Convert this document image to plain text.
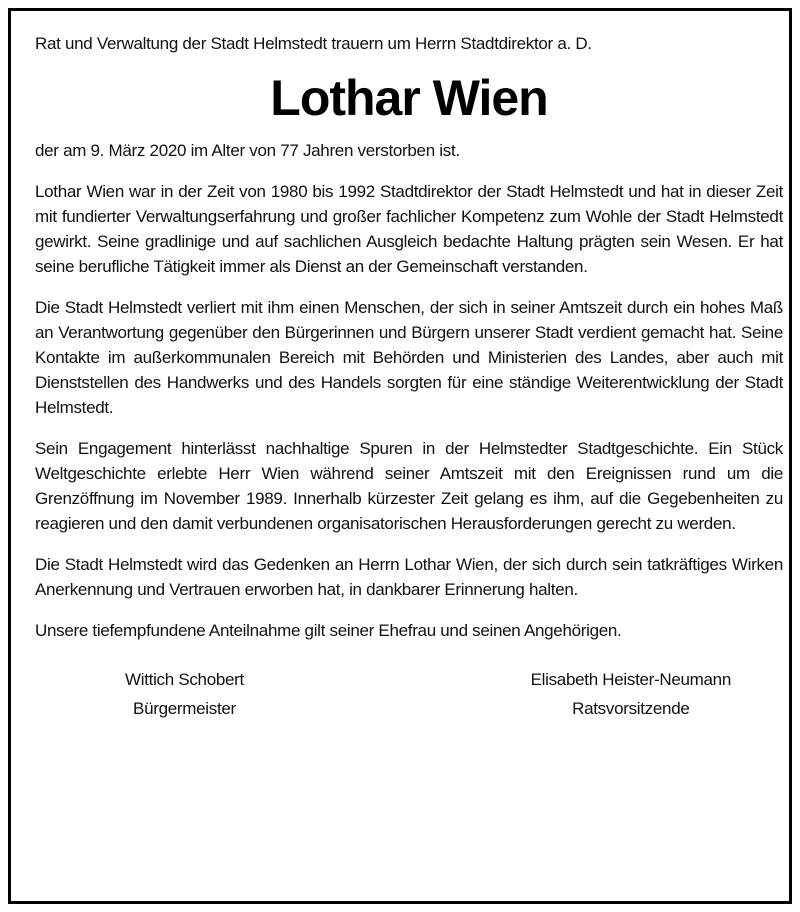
Rat und Verwaltung der Stadt Helmstedt trauern um Herrn Stadtdirektor a. D.

Lothar Wien

der am 9. März 2020 im Alter von 77 Jahren verstorben ist.

Lothar Wien war in der Zeit von 1980 bis 1992 Stadtdirektor der Stadt Helmstedt und hat in dieser Zeit mit fundierter Verwaltungserfahrung und großer fachlicher Kompetenz zum Wohle der Stadt Helmstedt gewirkt. Seine gradlinige und auf sachlichen Ausgleich bedachte Haltung prägten sein Wesen. Er hat seine berufliche Tätigkeit immer als Dienst an der Gemeinschaft verstanden.

Die Stadt Helmstedt verliert mit ihm einen Menschen, der sich in seiner Amtszeit durch ein hohes Maß an Verantwortung gegenüber den Bürgerinnen und Bürgern unserer Stadt verdient gemacht hat. Seine Kontakte im außerkommunalen Bereich mit Behörden und Ministerien des Landes, aber auch mit Dienststellen des Handwerks und des Handels sorgten für eine ständige Weiterentwicklung der Stadt Helmstedt.

Sein Engagement hinterlässt nachhaltige Spuren in der Helmstedter Stadtgeschichte. Ein Stück Weltgeschichte erlebte Herr Wien während seiner Amtszeit mit den Ereignissen rund um die Grenzöffnung im November 1989. Innerhalb kürzester Zeit gelang es ihm, auf die Gegebenheiten zu reagieren und den damit verbundenen organisatorischen Herausforderungen gerecht zu werden.

Die Stadt Helmstedt wird das Gedenken an Herrn Lothar Wien, der sich durch sein tatkräftiges Wirken Anerkennung und Vertrauen erworben hat, in dankbarer Erinnerung halten.

Unsere tiefempfundene Anteilnahme gilt seiner Ehefrau und seinen Angehörigen.

Wittich Schobert
Bürgermeister
Elisabeth Heister-Neumann
Ratsvorsitzende
